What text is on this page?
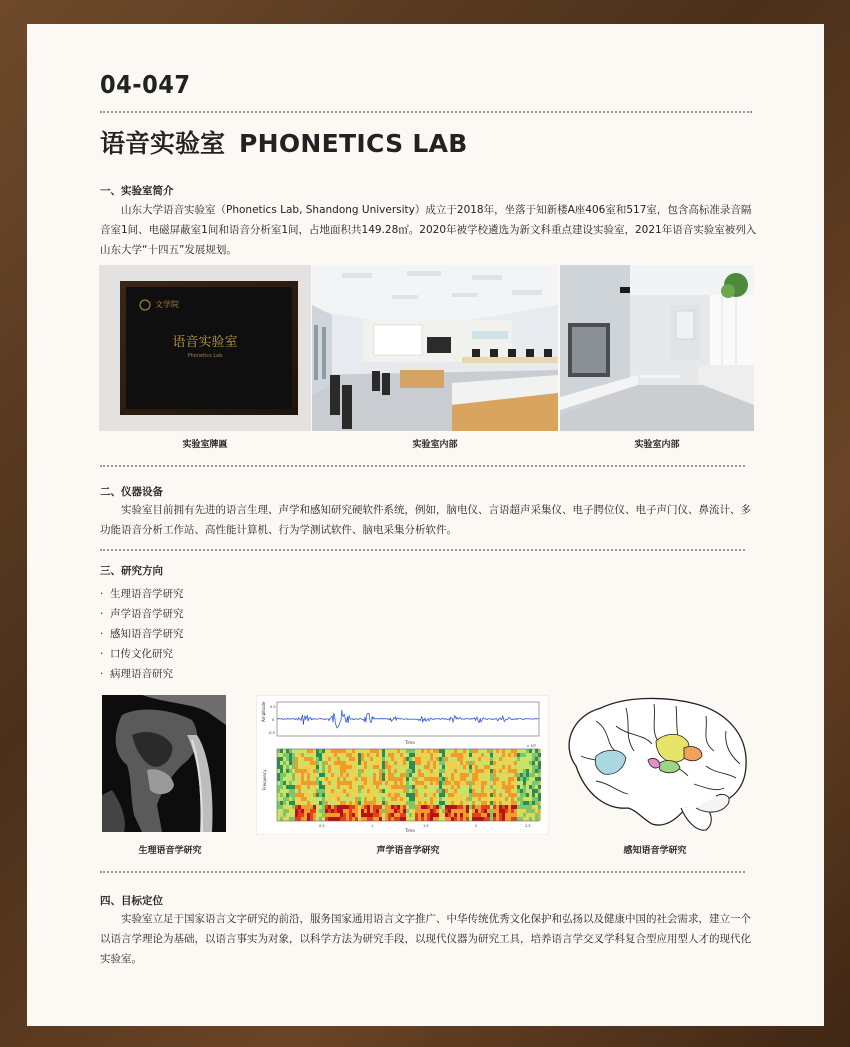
04-047
语音实验室 PHONETICS LAB
一、实验室简介
山东大学语音实验室（Phonetics Lab, Shandong University）成立于2018年，坐落于知新楼A座406室和517室，包含高标准录音隔音室1间、电磁屏蔽室1间和语音分析室1间，占地面积共149.28㎡。2020年被学校遴选为新文科重点建设实验室，2021年语音实验室被列入山东大学“十四五”发展规划。
文学院
语音实验室
Phonetics Lab
实验室牌匾	实验室内部	实验室内部
二、仪器设备
实验室目前拥有先进的语言生理、声学和感知研究硬软件系统，例如，脑电仪、言语超声采集仪、电子腭位仪、电子声门仪、鼻流计、多功能语音分析工作站、高性能计算机、行为学测试软件、脑电采集分析软件。
三、研究方向
· 生理语音学研究
· 声学语音学研究
· 感知语音学研究
· 口传文化研究
· 病理语音研究
Amplitude
Time
0.5
0
-0.5
Frequency
Time
x 10⁴
0.5	1	1.5	2	2.5
生理语音学研究	声学语音学研究	感知语音学研究
四、目标定位
实验室立足于国家语言文字研究的前沿，服务国家通用语言文字推广、中华传统优秀文化保护和弘扬以及健康中国的社会需求，建立一个以语言学理论为基础，以语言事实为对象，以科学方法为研究手段，以现代仪器为研究工具，培养语言学交叉学科复合型应用型人才的现代化实验室。
